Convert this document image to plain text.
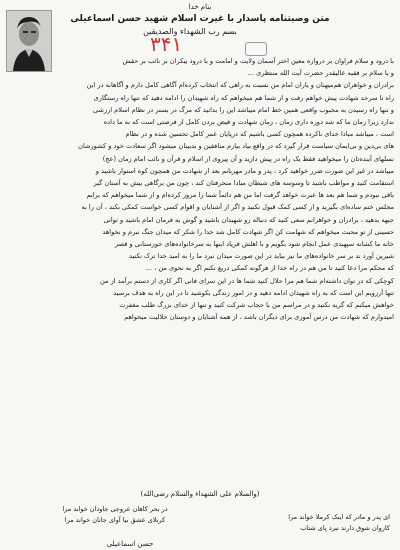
بنام خدا
متن وصیتنامه پاسدار با غیرت اسلام شهید حسن اسماعیلی
بسم رب الشهداء والصدیقین
۳۴۱

با درود و سلام فراوان بر دروازه معین اختر آسمان ولایت و امامت و با درود بیکران بر نائب بر حقش

و با سلام بر فقیه عالیقدر حضرت آیت الله منتظری ...

برادران و خواهران هم‌میهنان و یاران امام من نسبت به راهی که انتخاب کرده‌ام آگاهی کامل دارم و آگاهانه در این

راه تا سرحد شهادت پیش خواهم رفت و از شما هم میخواهم که راه شهیدان را ادامه دهید که تنها راه رستگاری

و تنها راه رسیدن به محبوب واقعی همین خط امام میباشد این را بدانید که مرگ در بستر در نظام اسلام ارزشی

ندارد زیرا زمان ما که شد دوره داری زمان ، زمان شهادت و فیض بردن کامل از فرصتی است که به ما داده

است ، میباشد مبادا خدای ناکرده همچون کسی باشیم که درپایان عمر کامل تحسین شده و در نظام

های بی‌دین و بی‌ایمان سیاست قرار گیرد که در واقع بیاد بیارم منافقین و بدبینان میشود اگر سعادت خود و کشورشان

نسلهای آینده‌تان را میخواهید فقط یک راه در پیش دارید و آن پیروی از اسلام و قرآن و نائب امام زمان (عج)

میباشد در غیر این صورت ضرر خواهید کرد ، پدر و مادر مهربانم بعد از شهادت من همچون کوه استوار باشید و

استقامت کنید و مواظب باشید تا وسوسه های شیطان مبادا منحرفتان کند ، چون من برگاهی بیش به آستان گیر

باقی نبودم و شما هم بعد ها عبرت خواهد گرفت اما من هم دائماً شما را مرور کرده‌ام و از شما میخواهم که برایم

مجلس ختم ساده‌ای بگیرید و از کسی کمک قبول نکنید و اگر از آشنایان و اقوام کسی خواست کمکی بکند ، آن را به

جبهه بدهید ، برادران و خواهرانم سعی کنید که دنباله رو شهیدان باشید و گوش به فرمان امام باشید و توانی

حسینی از تو محبت میخواهم که شهامت کن اگر شهادت کامل شد خدا را شکر که میدان جنگ نبرم و نخواهد

خانه ما کشانه سپهبدی عمل انجام شود بگویم و با اهلش فریاد اینها به سرخانواده‌های خوزستانی و قصر

شیرین آورد ند بر سر خانواده‌های ما نیز بیاید در این صورت میدان نبرد ما را به امید خدا ترک نکنید

که محکم مرا دعا کنید تا من هم در راه خدا از هرگونه کمکی دریغ نکنم اگر به نحوی من ، ...

کوچکی که در توان داشته‌ام شما هم مرا حلال کنید شما ها در این سرای فانی اگر کاری از دستم برآمد از من

تنها آرزویم این است که به راه شهیدان ادامه دهید و در امور زندگی بکوشید تا در این راه به هدف برسید

خواهش میکنم که گریه نکنید و در مراسم من با حجاب شرکت کنید و تنها از خدای بزرگ طلب مغفرت

امیدوارم که شهادت من درس آموزی برای دیگران باشد ، از همه آشنایان و دوستان حلالیت میخواهم

(والسلام علی الشهداء والسلام رضی‌الله)
ای پدر و مادر که اینک کرملا خواند مرا
کاروان شوق دارند نبرد پای شتاب
در بحر کاهان عروجی جاودان خواند مرا
کربلای عشق بیا آوای جانان خواند مرا
حسن اسماعیلی
